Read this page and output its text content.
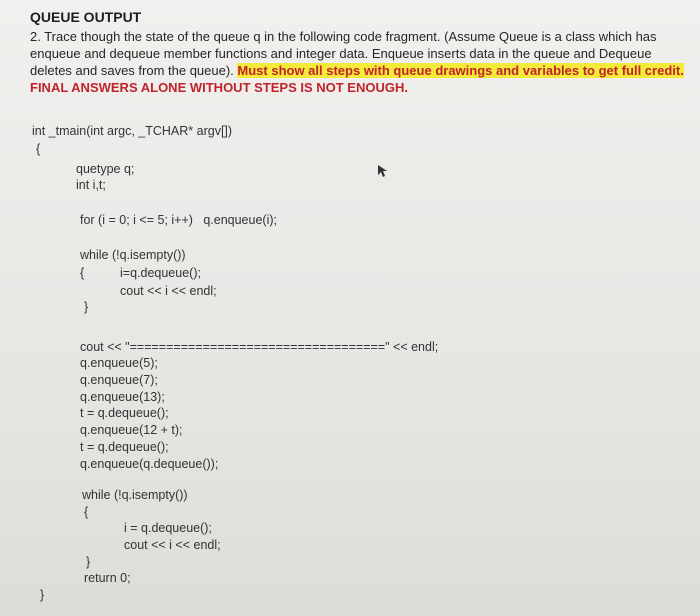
QUEUE OUTPUT
2. Trace though the state of the queue q in the following code fragment. (Assume Queue is a class which has
enqueue and dequeue member functions and integer data. Enqueue inserts data in the queue and Dequeue
deletes and saves from the queue). Must show all steps with queue drawings and variables to get full credit.
FINAL ANSWERS ALONE WITHOUT STEPS IS NOT ENOUGH.
int _tmain(int argc, _TCHAR* argv[])
{
quetype q;
int i,t;
for (i = 0; i <= 5; i++)   q.enqueue(i);
while (!q.isempty())
{	i=q.dequeue();
cout << i << endl;
}
cout << "===================================" << endl;
q.enqueue(5);
q.enqueue(7);
q.enqueue(13);
t = q.dequeue();
q.enqueue(12 + t);
t = q.dequeue();
q.enqueue(q.dequeue());
while (!q.isempty())
{
i = q.dequeue();
cout << i << endl;
}
return 0;
}
